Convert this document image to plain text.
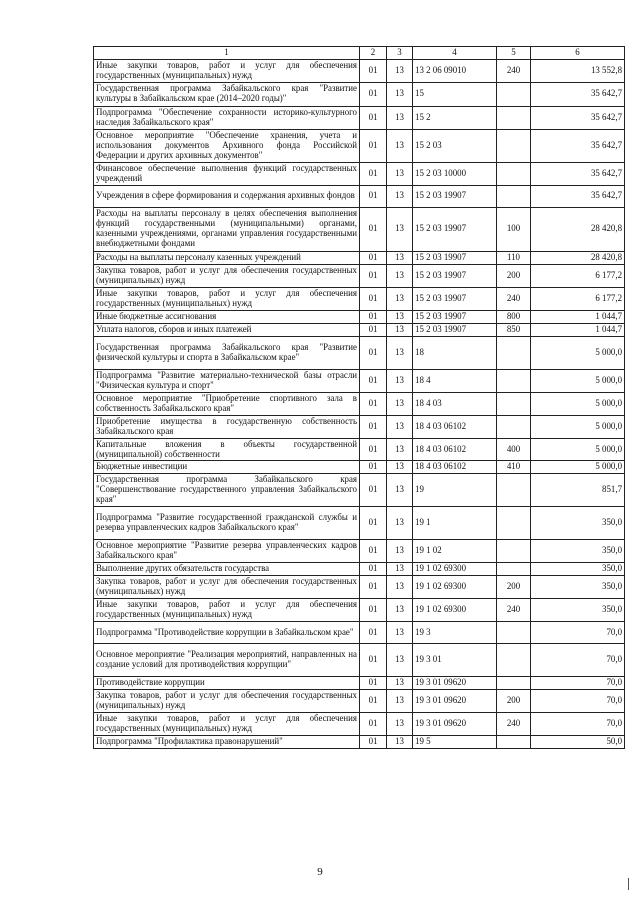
1	2	3	4	5	6
Иные закупки товаров, работ и услуг для обеспечения государственных (муниципальных) нужд	01	13	13 2 06 09010	240	13 552,8
Государственная программа Забайкальского края "Развитие культуры в Забайкальском крае (2014–2020 годы)"	01	13	15		35 642,7
Подпрограмма "Обеспечение сохранности историко-культурного наследия Забайкальского края"	01	13	15 2		35 642,7
Основное мероприятие "Обеспечение хранения, учета и использования документов Архивного фонда Российской Федерации и других архивных документов"	01	13	15 2 03		35 642,7
Финансовое обеспечение выполнения функций государственных учреждений	01	13	15 2 03 10000		35 642,7
Учреждения в сфере формирования и содержания архивных фондов	01	13	15 2 03 19907		35 642,7
Расходы на выплаты персоналу в целях обеспечения выполнения функций государственными (муниципальными) органами, казенными учреждениями, органами управления государственными внебюджетными фондами	01	13	15 2 03 19907	100	28 420,8
Расходы на выплаты персоналу казенных учреждений	01	13	15 2 03 19907	110	28 420,8
Закупка товаров, работ и услуг для обеспечения государственных (муниципальных) нужд	01	13	15 2 03 19907	200	6 177,2
Иные закупки товаров, работ и услуг для обеспечения государственных (муниципальных) нужд	01	13	15 2 03 19907	240	6 177,2
Иные бюджетные ассигнования	01	13	15 2 03 19907	800	1 044,7
Уплата налогов, сборов и иных платежей	01	13	15 2 03 19907	850	1 044,7
Государственная программа Забайкальского края "Развитие физической культуры и спорта в Забайкальском крае"	01	13	18		5 000,0
Подпрограмма "Развитие материально-технической базы отрасли "Физическая культура и спорт"	01	13	18 4		5 000,0
Основное мероприятие "Приобретение спортивного зала в собственность Забайкальского края"	01	13	18 4 03		5 000,0
Приобретение имущества в государственную собственность Забайкальского края	01	13	18 4 03 06102		5 000,0
Капитальные вложения в объекты государственной (муниципальной) собственности	01	13	18 4 03 06102	400	5 000,0
Бюджетные инвестиции	01	13	18 4 03 06102	410	5 000,0
Государственная программа Забайкальского края "Совершенствование государственного управления Забайкальского края"	01	13	19		851,7
Подпрограмма "Развитие государственной гражданской службы и резерва управленческих кадров Забайкальского края"	01	13	19 1		350,0
Основное мероприятие "Развитие резерва управленческих кадров Забайкальского края"	01	13	19 1 02		350,0
Выполнение других обязательств государства	01	13	19 1 02 69300		350,0
Закупка товаров, работ и услуг для обеспечения государственных (муниципальных) нужд	01	13	19 1 02 69300	200	350,0
Иные закупки товаров, работ и услуг для обеспечения государственных (муниципальных) нужд	01	13	19 1 02 69300	240	350,0
Подпрограмма "Противодействие коррупции в Забайкальском крае"	01	13	19 3		70,0
Основное мероприятие "Реализация мероприятий, направленных на создание условий для противодействия коррупции"	01	13	19 3 01		70,0
Противодействие коррупции	01	13	19 3 01 09620		70,0
Закупка товаров, работ и услуг для обеспечения государственных (муниципальных) нужд	01	13	19 3 01 09620	200	70,0
Иные закупки товаров, работ и услуг для обеспечения государственных (муниципальных) нужд	01	13	19 3 01 09620	240	70,0
Подпрограмма "Профилактика правонарушений"	01	13	19 5		50,0
9
